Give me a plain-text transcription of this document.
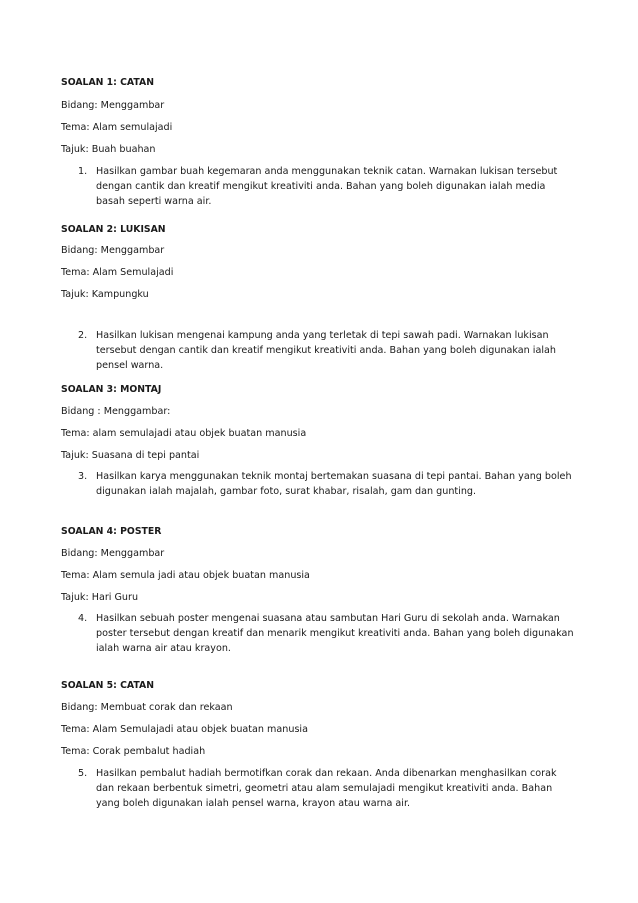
SOALAN 1: CATAN
Bidang: Menggambar
Tema: Alam semulajadi
Tajuk: Buah buahan
1. Hasilkan gambar buah kegemaran anda menggunakan teknik catan. Warnakan lukisan tersebut dengan cantik dan kreatif mengikut kreativiti anda. Bahan yang boleh digunakan ialah media basah seperti warna air.
SOALAN 2: LUKISAN
Bidang: Menggambar
Tema: Alam Semulajadi
Tajuk: Kampungku
2. Hasilkan lukisan mengenai kampung anda yang terletak di tepi sawah padi. Warnakan lukisan tersebut dengan cantik dan kreatif mengikut kreativiti anda. Bahan yang boleh digunakan ialah pensel warna.
SOALAN 3: MONTAJ
Bidang : Menggambar:
Tema: alam semulajadi atau objek buatan manusia
Tajuk: Suasana di tepi pantai
3. Hasilkan karya menggunakan teknik montaj bertemakan suasana di tepi pantai. Bahan yang boleh digunakan ialah majalah, gambar foto, surat khabar, risalah, gam dan gunting.
SOALAN 4: POSTER
Bidang: Menggambar
Tema: Alam semula jadi atau objek buatan manusia
Tajuk: Hari Guru
4. Hasilkan sebuah poster mengenai suasana atau sambutan Hari Guru di sekolah anda. Warnakan poster tersebut dengan kreatif dan menarik mengikut kreativiti anda. Bahan yang boleh digunakan ialah warna air atau krayon.
SOALAN 5: CATAN
Bidang: Membuat corak dan rekaan
Tema: Alam Semulajadi atau objek buatan manusia
Tema: Corak pembalut hadiah
5. Hasilkan pembalut hadiah bermotifkan corak dan rekaan. Anda dibenarkan menghasilkan corak dan rekaan berbentuk simetri, geometri atau alam semulajadi mengikut kreativiti anda. Bahan yang boleh digunakan ialah pensel warna, krayon atau warna air.
